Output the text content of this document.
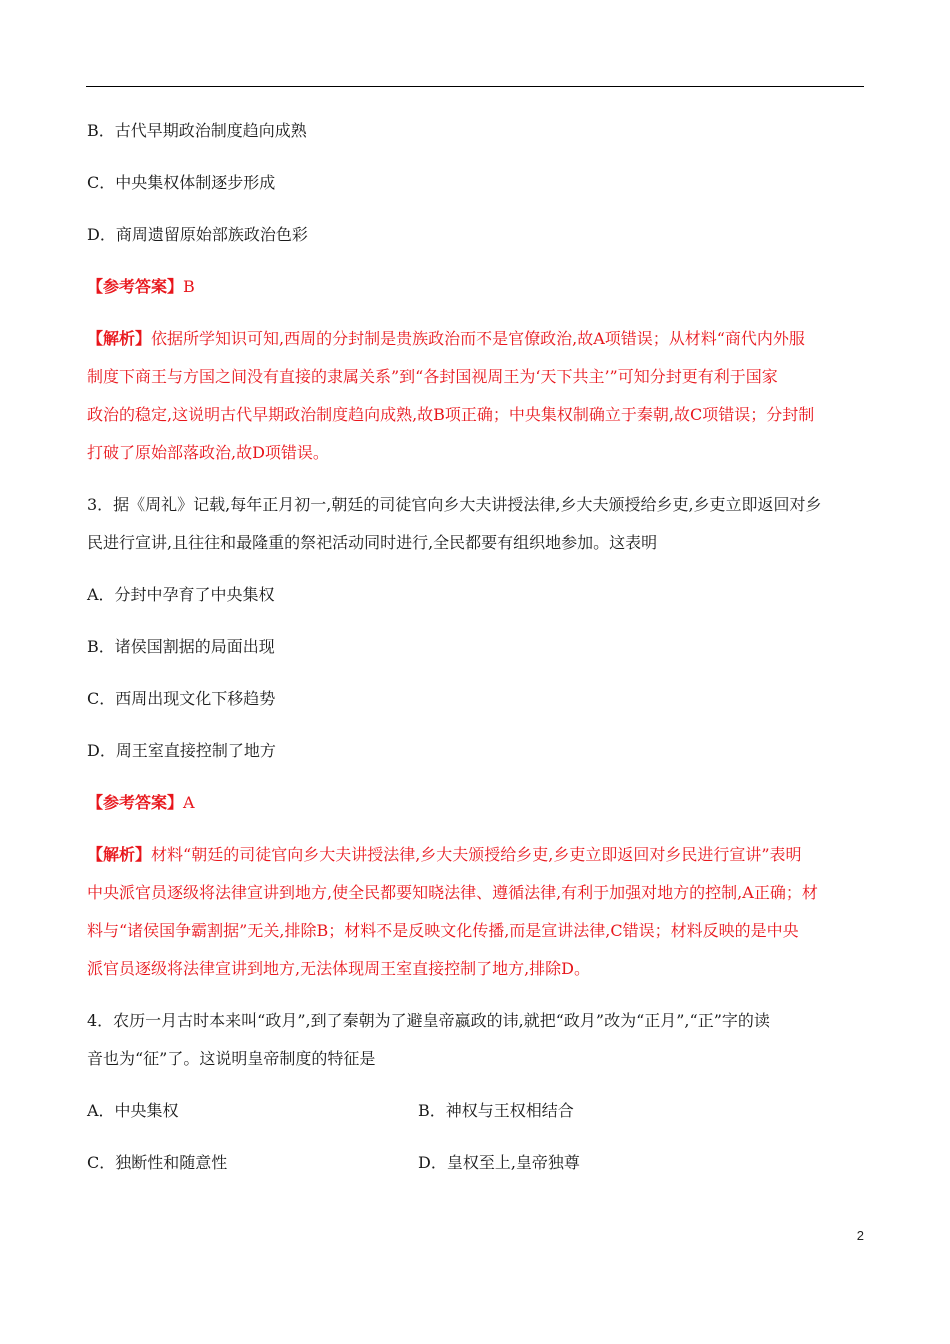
B．古代早期政治制度趋向成熟
C．中央集权体制逐步形成
D．商周遗留原始部族政治色彩
【参考答案】B
【解析】依据所学知识可知,西周的分封制是贵族政治而不是官僚政治,故A项错误；从材料“商代内外服
制度下商王与方国之间没有直接的隶属关系”到“各封国视周王为‘天下共主’”可知分封更有利于国家
政治的稳定,这说明古代早期政治制度趋向成熟,故B项正确；中央集权制确立于秦朝,故C项错误；分封制
打破了原始部落政治,故D项错误。
3．据《周礼》记载,每年正月初一,朝廷的司徒官向乡大夫讲授法律,乡大夫颁授给乡吏,乡吏立即返回对乡
民进行宣讲,且往往和最隆重的祭祀活动同时进行,全民都要有组织地参加。这表明
A．分封中孕育了中央集权
B．诸侯国割据的局面出现
C．西周出现文化下移趋势
D．周王室直接控制了地方
【参考答案】A
【解析】材料“朝廷的司徒官向乡大夫讲授法律,乡大夫颁授给乡吏,乡吏立即返回对乡民进行宣讲”表明
中央派官员逐级将法律宣讲到地方,使全民都要知晓法律、遵循法律,有利于加强对地方的控制,A正确；材
料与“诸侯国争霸割据”无关,排除B；材料不是反映文化传播,而是宣讲法律,C错误；材料反映的是中央
派官员逐级将法律宣讲到地方,无法体现周王室直接控制了地方,排除D。
4．农历一月古时本来叫“政月”,到了秦朝为了避皇帝嬴政的讳,就把“政月”改为“正月”,“正”字的读
音也为“征”了。这说明皇帝制度的特征是
A．中央集权	B．神权与王权相结合
C．独断性和随意性	D．皇权至上,皇帝独尊
2
